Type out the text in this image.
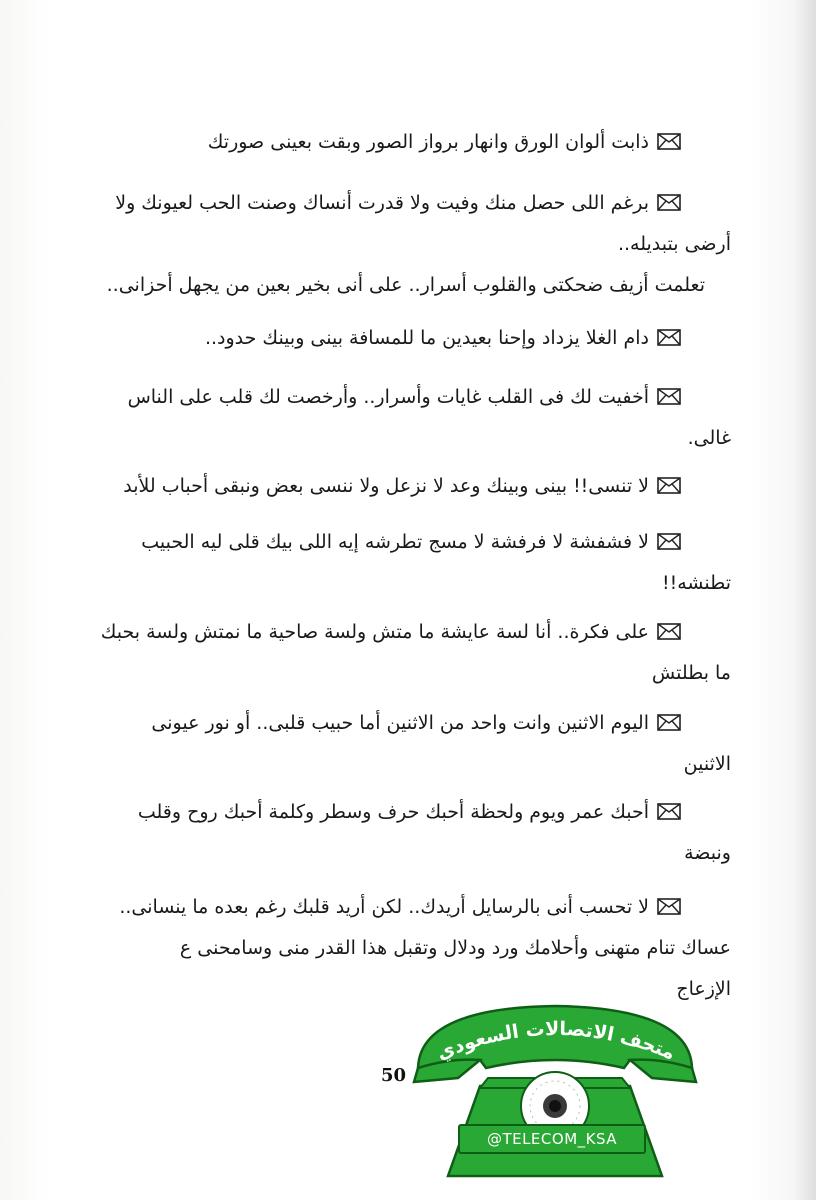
ذابت ألوان الورق وانهار برواز الصور وبقت بعينى صورتك
برغم اللى حصل منك وفيت ولا قدرت أنساك وصنت الحب لعيونك ولا
أرضى بتبديله..
تعلمت أزيف ضحكتى والقلوب أسرار.. على أنى بخير بعين من يجهل أحزانى..
دام الغلا يزداد وإحنا بعيدين ما للمسافة بينى وبينك حدود..
أخفيت لك فى القلب غايات وأسرار.. وأرخصت لك قلب على الناس
غالى.
لا تنسى!! بينى وبينك وعد لا نزعل ولا ننسى بعض ونبقى أحباب للأبد
لا فشفشة لا فرفشة لا مسج تطرشه إيه اللى بيك قلى ليه الحبيب
تطنشه!!
على فكرة.. أنا لسة عايشة ما متش ولسة صاحية ما نمتش ولسة بحبك
ما بطلتش
اليوم الاثنين وانت واحد من الاثنين أما حبيب قلبى.. أو نور عيونى
الاثنين
أحبك عمر ويوم ولحظة أحبك حرف وسطر وكلمة أحبك روح وقلب
ونبضة
لا تحسب أنى بالرسايل أريدك.. لكن أريد قلبك رغم بعده ما ينسانى..
عساك تنام متهنى وأحلامك ورد ودلال وتقبل هذا القدر منى وسامحنى ع
الإزعاج
50
متحف الاتصالات السعودي
@TELECOM_KSA
